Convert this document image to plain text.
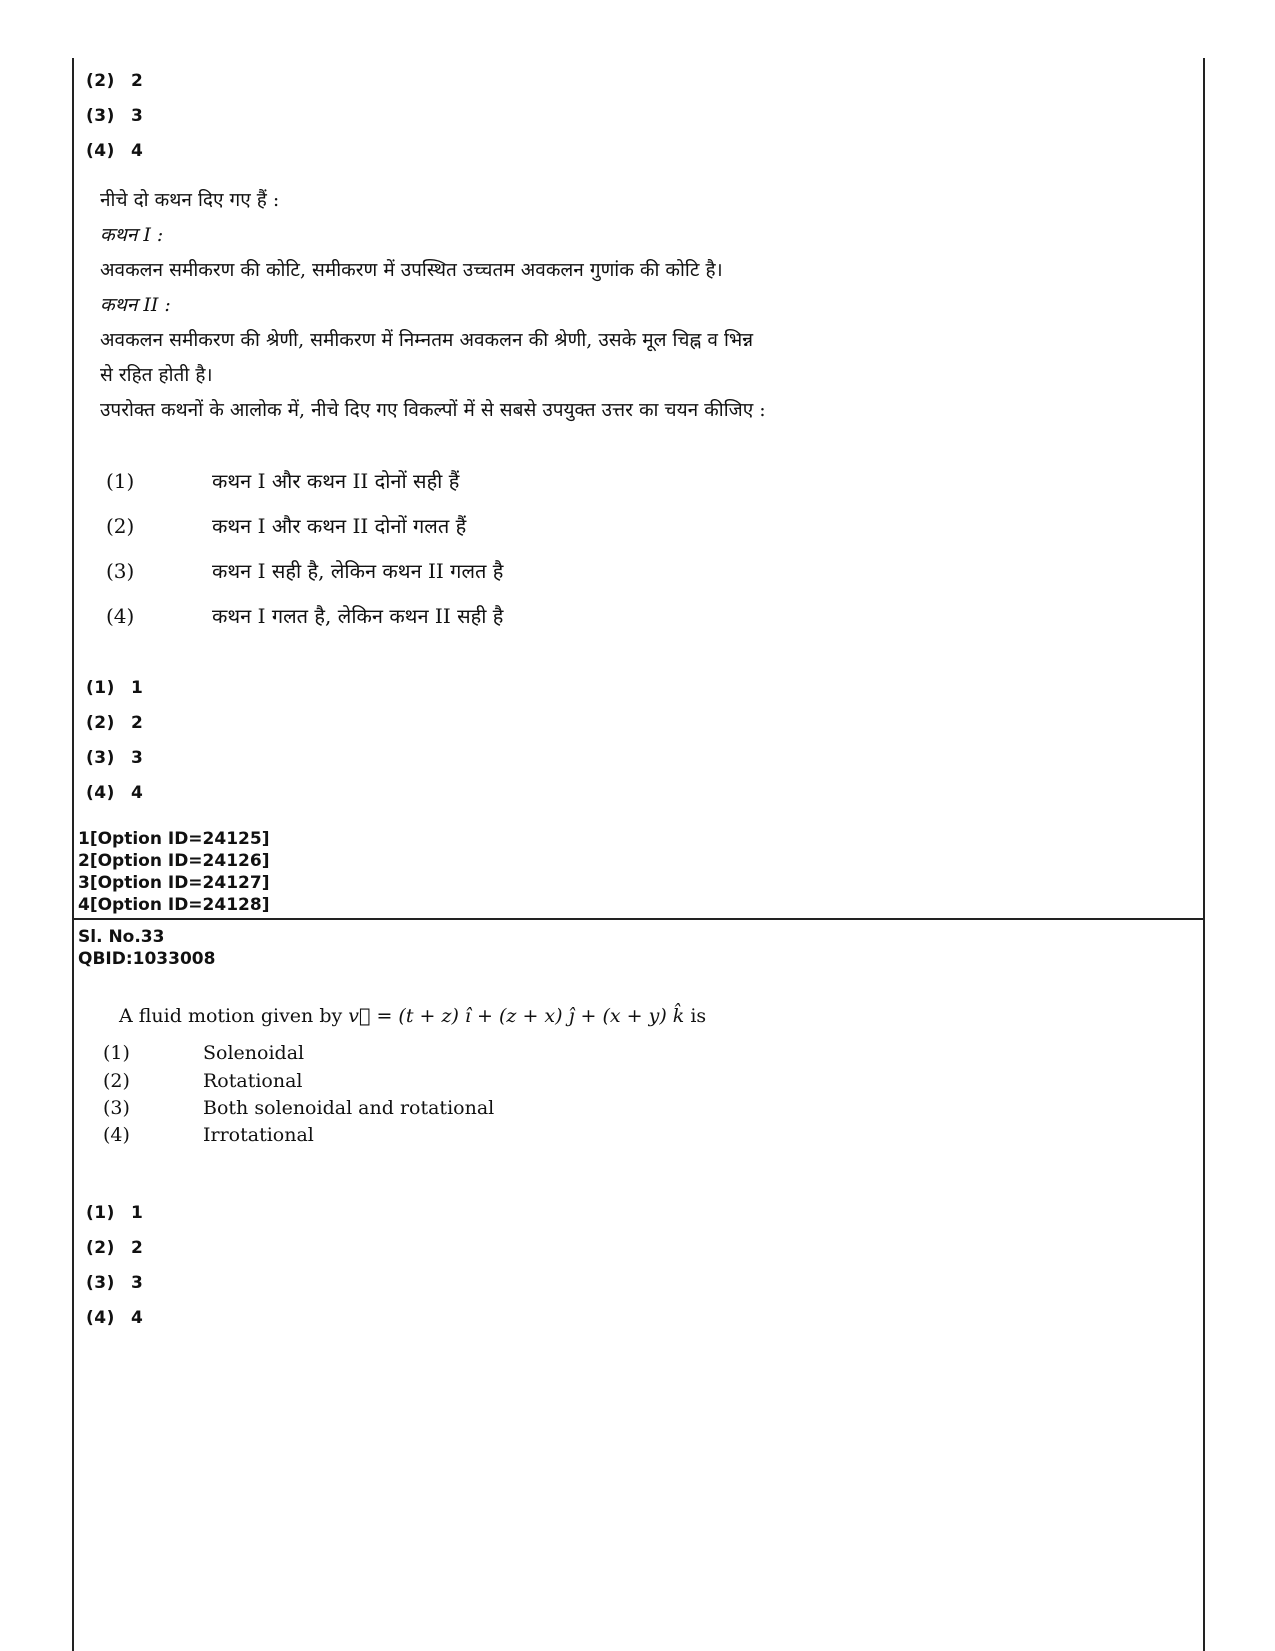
(2) 2
(3) 3
(4) 4
नीचे दो कथन दिए गए हैं :
कथन I :
अवकलन समीकरण की कोटि, समीकरण में उपस्थित उच्चतम अवकलन गुणांक की कोटि है।
कथन II :
अवकलन समीकरण की श्रेणी, समीकरण में निम्नतम अवकलन की श्रेणी, उसके मूल चिह्न व भिन्न
से रहित होती है।
उपरोक्त कथनों के आलोक में, नीचे दिए गए विकल्पों में से सबसे उपयुक्त उत्तर का चयन कीजिए :
(1)	कथन I और कथन II दोनों सही हैं
(2)	कथन I और कथन II दोनों गलत हैं
(3)	कथन I सही है, लेकिन कथन II गलत है
(4)	कथन I गलत है, लेकिन कथन II सही है
(1) 1
(2) 2
(3) 3
(4) 4
1[Option ID=24125]
2[Option ID=24126]
3[Option ID=24127]
4[Option ID=24128]
Sl. No.33
QBID:1033008
A fluid motion given by v⃗ = (t + z) î + (z + x) ĵ + (x + y) k̂ is
(1)	Solenoidal
(2)	Rotational
(3)	Both solenoidal and rotational
(4)	Irrotational
(1) 1
(2) 2
(3) 3
(4) 4
